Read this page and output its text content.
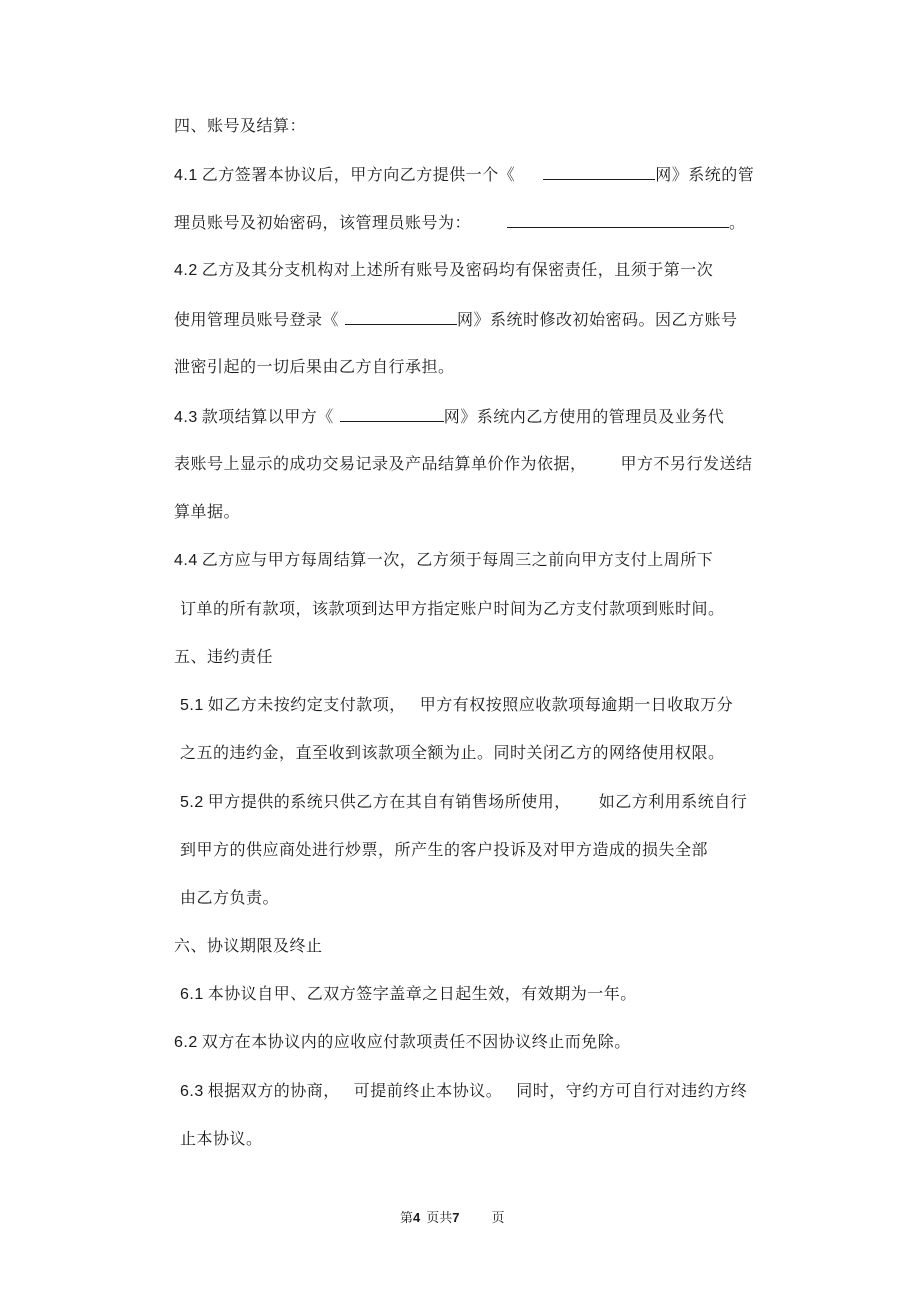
四、账号及结算：
4.1 乙方签署本协议后，甲方向乙方提供一个《	网》系统的管
理员账号及初始密码，该管理员账号为：	。
4.2 乙方及其分支机构对上述所有账号及密码均有保密责任，且须于第一次
使用管理员账号登录《	网》系统时修改初始密码。因乙方账号
泄密引起的一切后果由乙方自行承担。
4.3 款项结算以甲方《	网》系统内乙方使用的管理员及业务代
表账号上显示的成功交易记录及产品结算单价作为依据， 甲方不另行发送结
算单据。
4.4 乙方应与甲方每周结算一次，乙方须于每周三之前向甲方支付上周所下
订单的所有款项，该款项到达甲方指定账户时间为乙方支付款项到账时间。
五、违约责任
5.1 如乙方未按约定支付款项， 甲方有权按照应收款项每逾期一日收取万分
之五的违约金，直至收到该款项全额为止。同时关闭乙方的网络使用权限。
5.2 甲方提供的系统只供乙方在其自有销售场所使用， 如乙方利用系统自行
到甲方的供应商处进行炒票，所产生的客户投诉及对甲方造成的损失全部
由乙方负责。
六、协议期限及终止
6.1 本协议自甲、乙双方签字盖章之日起生效，有效期为一年。
6.2 双方在本协议内的应收应付款项责任不因协议终止而免除。
6.3 根据双方的协商， 可提前终止本协议。 同时，守约方可自行对违约方终
止本协议。
第4 页共7 页
